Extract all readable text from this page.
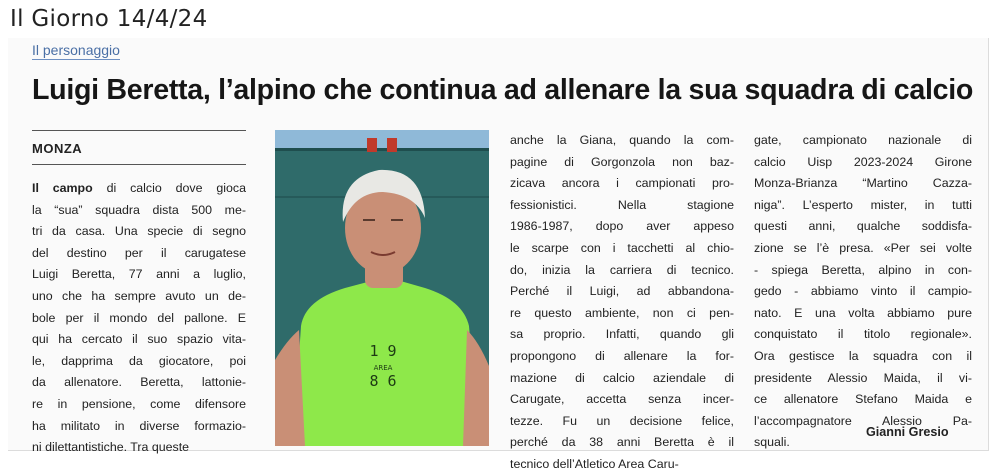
Il Giorno 14/4/24
Il personaggio
Luigi Beretta, l’alpino che continua ad allenare la sua squadra di calcio
MONZA
Il campo di calcio dove gioca
la “sua” squadra dista 500 me-
tri da casa. Una specie di segno
del destino per il carugatese
Luigi Beretta, 77 anni a luglio,
uno che ha sempre avuto un de-
bole per il mondo del pallone. E
qui ha cercato il suo spazio vita-
le, dapprima da giocatore, poi
da allenatore. Beretta, lattonie-
re in pensione, come difensore
ha militato in diverse formazio-
ni dilettantistiche. Tra queste
1 9
AREA
8 6
anche la Giana, quando la com-
pagine di Gorgonzola non baz-
zicava ancora i campionati pro-
fessionistici. Nella stagione
1986-1987, dopo aver appeso
le scarpe con i tacchetti al chio-
do, inizia la carriera di tecnico.
Perché il Luigi, ad abbandona-
re questo ambiente, non ci pen-
sa proprio. Infatti, quando gli
propongono di allenare la for-
mazione di calcio aziendale di
Carugate, accetta senza incer-
tezze. Fu un decisione felice,
perché da 38 anni Beretta è il
tecnico dell’Atletico Area Caru-
gate, campionato nazionale di
calcio Uisp 2023-2024 Girone
Monza-Brianza “Martino Cazza-
niga”. L’esperto mister, in tutti
questi anni, qualche soddisfa-
zione se l’è presa. «Per sei volte
- spiega Beretta, alpino in con-
gedo - abbiamo vinto il campio-
nato. E una volta abbiamo pure
conquistato il titolo regionale».
Ora gestisce la squadra con il
presidente Alessio Maida, il vi-
ce allenatore Stefano Maida e
l’accompagnatore Alessio Pa-
squali.
Gianni Gresio
